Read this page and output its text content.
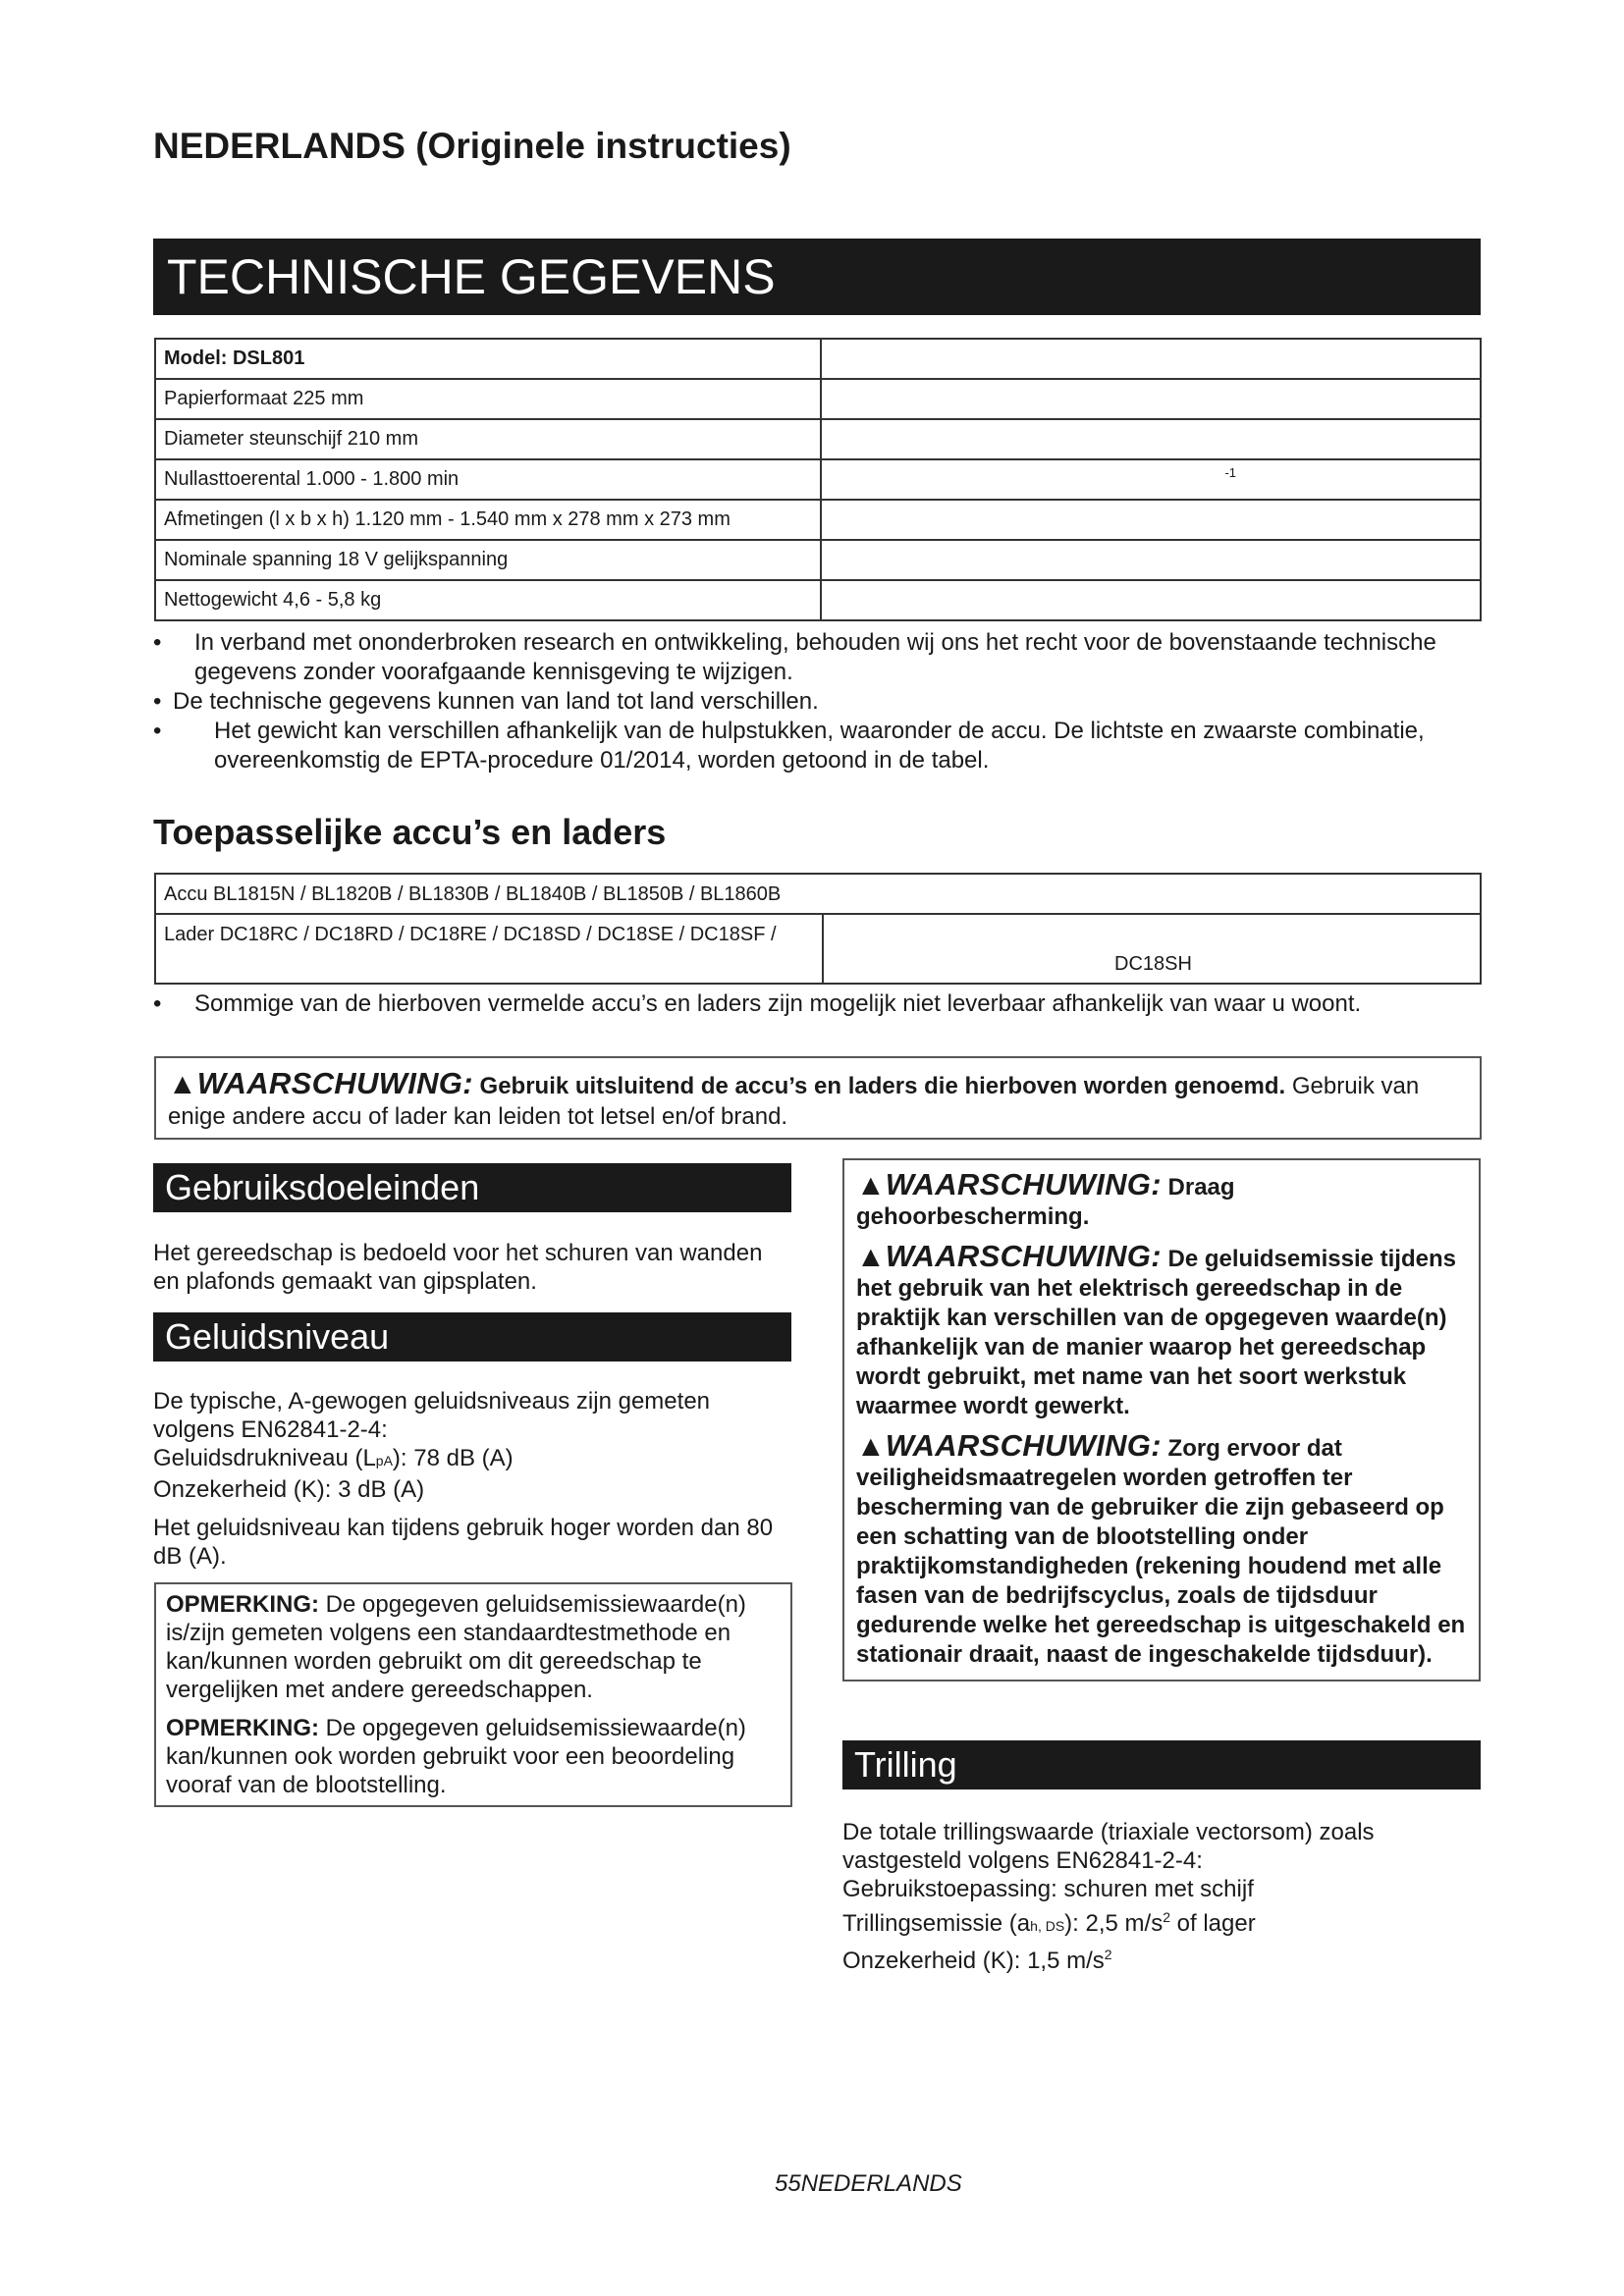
NEDERLANDS (Originele instructies)
TECHNISCHE GEGEVENS
Model: DSL801	
Papierformaat 225 mm	
Diameter steunschijf 210 mm	
Nullasttoerental 1.000 - 1.800 min	-1

Afmetingen (l x b x h) 1.120 mm - 1.540 mm x 278 mm x 273 mm	
Nominale spanning 18 V gelijkspanning	
Nettogewicht 4,6 - 5,8 kg	
• In verband met ononderbroken research en ontwikkeling, behouden wij ons het recht voor de bovenstaande technische gegevens zonder voorafgaande kennisgeving te wijzigen.
• De technische gegevens kunnen van land tot land verschillen.
• Het gewicht kan verschillen afhankelijk van de hulpstukken, waaronder de accu. De lichtste en zwaarste combinatie, overeenkomstig de EPTA-procedure 01/2014, worden getoond in de tabel.
Toepasselijke accu’s en laders
Accu BL1815N / BL1820B / BL1830B / BL1840B / BL1850B / BL1860B
Lader DC18RC / DC18RD / DC18RE / DC18SD / DC18SE / DC18SF /	
DC18SH
• Sommige van de hierboven vermelde accu’s en laders zijn mogelijk niet leverbaar afhankelijk van waar u woont.
▲WAARSCHUWING: Gebruik uitsluitend de accu’s en laders die hierboven worden genoemd. Gebruik van enige andere accu of lader kan leiden tot letsel en/of brand.
Gebruiksdoeleinden
Het gereedschap is bedoeld voor het schuren van wanden en plafonds gemaakt van gipsplaten.
Geluidsniveau
De typische, A-gewogen geluidsniveaus zijn gemeten volgens EN62841-2-4:
Geluidsdrukniveau (LpA): 78 dB (A)
Onzekerheid (K): 3 dB (A)
Het geluidsniveau kan tijdens gebruik hoger worden dan 80 dB (A).
OPMERKING: De opgegeven geluidsemissiewaarde(n) is/zijn gemeten volgens een standaardtestmethode en kan/kunnen worden gebruikt om dit gereedschap te vergelijken met andere gereedschappen.
OPMERKING: De opgegeven geluidsemissiewaarde(n) kan/kunnen ook worden gebruikt voor een beoordeling vooraf van de blootstelling.
▲WAARSCHUWING: Draag gehoorbescherming.
▲WAARSCHUWING: De geluidsemissie tijdens het gebruik van het elektrisch gereedschap in de praktijk kan verschillen van de opgegeven waarde(n) afhankelijk van de manier waarop het gereedschap wordt gebruikt, met name van het soort werkstuk waarmee wordt gewerkt.
▲WAARSCHUWING: Zorg ervoor dat veiligheidsmaatregelen worden getroffen ter bescherming van de gebruiker die zijn gebaseerd op een schatting van de blootstelling onder praktijkomstandigheden (rekening houdend met alle fasen van de bedrijfscyclus, zoals de tijdsduur gedurende welke het gereedschap is uitgeschakeld en stationair draait, naast de ingeschakelde tijdsduur).
Trilling
De totale trillingswaarde (triaxiale vectorsom) zoals vastgesteld volgens EN62841-2-4:
Gebruikstoepassing: schuren met schijf
Trillingsemissie (ah, DS): 2,5 $m/s^2$ of lager
Onzekerheid (K): 1,5 $m/s^2$
55NEDERLANDS
